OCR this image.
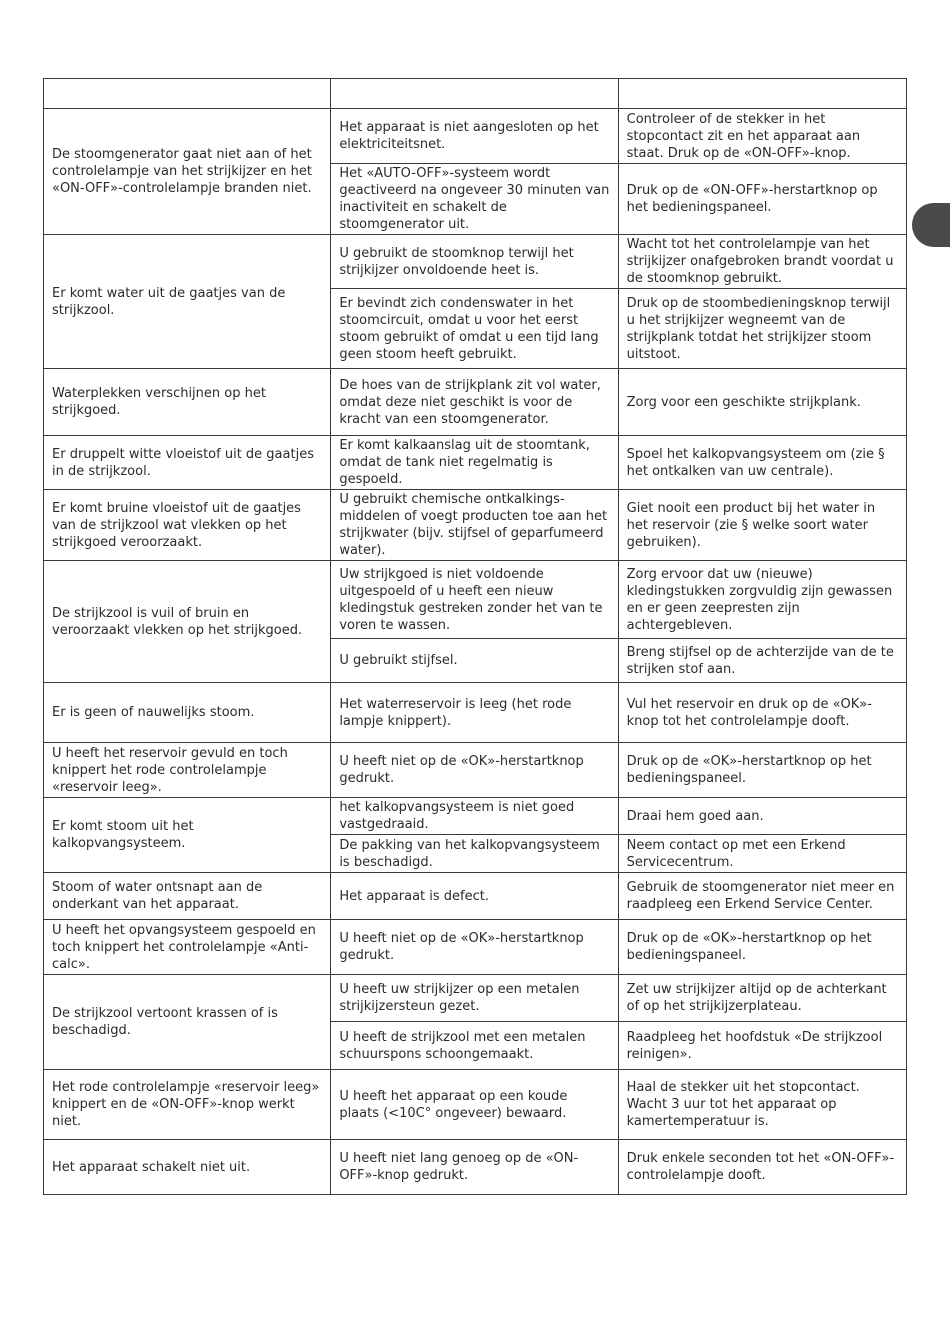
De stoomgenerator gaat niet aan of het controlelampje van het strijkijzer en het «ON-OFF»-controlelampje branden niet.	Het apparaat is niet aangesloten op het elektriciteitsnet.	Controleer of de stekker in het stopcontact zit en het apparaat aan staat. Druk op de «ON-OFF»-knop.
	Het «AUTO-OFF»-systeem wordt geactiveerd na ongeveer 30 minuten van inactiviteit en schakelt de stoomgenerator uit.	Druk op de «ON-OFF»-herstartknop op het bedieningspaneel.
Er komt water uit de gaatjes van de strijkzool.	U gebruikt de stoomknop terwijl het strijkijzer onvoldoende heet is.	Wacht tot het controlelampje van het strijkijzer onafgebroken brandt voordat u de stoomknop gebruikt.
	Er bevindt zich condenswater in het stoomcircuit, omdat u voor het eerst stoom gebruikt of omdat u een tijd lang geen stoom heeft gebruikt.	Druk op de stoombedieningsknop terwijl u het strijkijzer wegneemt van de strijkplank totdat het strijkijzer stoom uitstoot.
Waterplekken verschijnen op het strijkgoed.	De hoes van de strijkplank zit vol water, omdat deze niet geschikt is voor de kracht van een stoomgenerator.	Zorg voor een geschikte strijkplank.
Er druppelt witte vloeistof uit de gaatjes in de strijkzool.	Er komt kalkaanslag uit de stoomtank, omdat de tank niet regelmatig is gespoeld.	Spoel het kalkopvangsysteem om (zie § het ontkalken van uw centrale).
Er komt bruine vloeistof uit de gaatjes van de strijkzool wat vlekken op het strijkgoed veroorzaakt.	U gebruikt chemische ontkalkings-middelen of voegt producten toe aan het strijkwater (bijv. stijfsel of geparfumeerd water).	Giet nooit een product bij het water in het reservoir (zie § welke soort water gebruiken).
De strijkzool is vuil of bruin en veroorzaakt vlekken op het strijkgoed.	Uw strijkgoed is niet voldoende uitgespoeld of u heeft een nieuw kledingstuk gestreken zonder het van te voren te wassen.	Zorg ervoor dat uw (nieuwe) kledingstukken zorgvuldig zijn gewassen en er geen zeepresten zijn achtergebleven.
	U gebruikt stijfsel.	Breng stijfsel op de achterzijde van de te strijken stof aan.
Er is geen of nauwelijks stoom.	Het waterreservoir is leeg (het rode lampje knippert).	Vul het reservoir en druk op de «OK»-knop tot het controlelampje dooft.
U heeft het reservoir gevuld en toch knippert het rode controlelampje «reservoir leeg».	U heeft niet op de «OK»-herstartknop gedrukt.	Druk op de «OK»-herstartknop op het bedieningspaneel.
Er komt stoom uit het kalkopvangsysteem.	het kalkopvangsysteem is niet goed vastgedraaid.	Draai hem goed aan.
	De pakking van het kalkopvangsysteem is beschadigd.	Neem contact op met een Erkend Servicecentrum.
Stoom of water ontsnapt aan de onderkant van het apparaat.	Het apparaat is defect.	Gebruik de stoomgenerator niet meer en raadpleeg een Erkend Service Center.
U heeft het opvangsysteem gespoeld en toch knippert het controlelampje «Anti-calc».	U heeft niet op de «OK»-herstartknop gedrukt.	Druk op de «OK»-herstartknop op het bedieningspaneel.
De strijkzool vertoont krassen of is beschadigd.	U heeft uw strijkijzer op een metalen strijkijzersteun gezet.	Zet uw strijkijzer altijd op de achterkant of op het strijkijzerplateau.
	U heeft de strijkzool met een metalen schuurspons schoongemaakt.	Raadpleeg het hoofdstuk «De strijkzool reinigen».
Het rode controlelampje «reservoir leeg» knippert en de «ON-OFF»-knop werkt niet.	U heeft het apparaat op een koude plaats (<10C° ongeveer) bewaard.	Haal de stekker uit het stopcontact. Wacht 3 uur tot het apparaat op kamertemperatuur is.
Het apparaat schakelt niet uit.	U heeft niet lang genoeg op de «ON-OFF»-knop gedrukt.	Druk enkele seconden tot het «ON-OFF»-controlelampje dooft.
